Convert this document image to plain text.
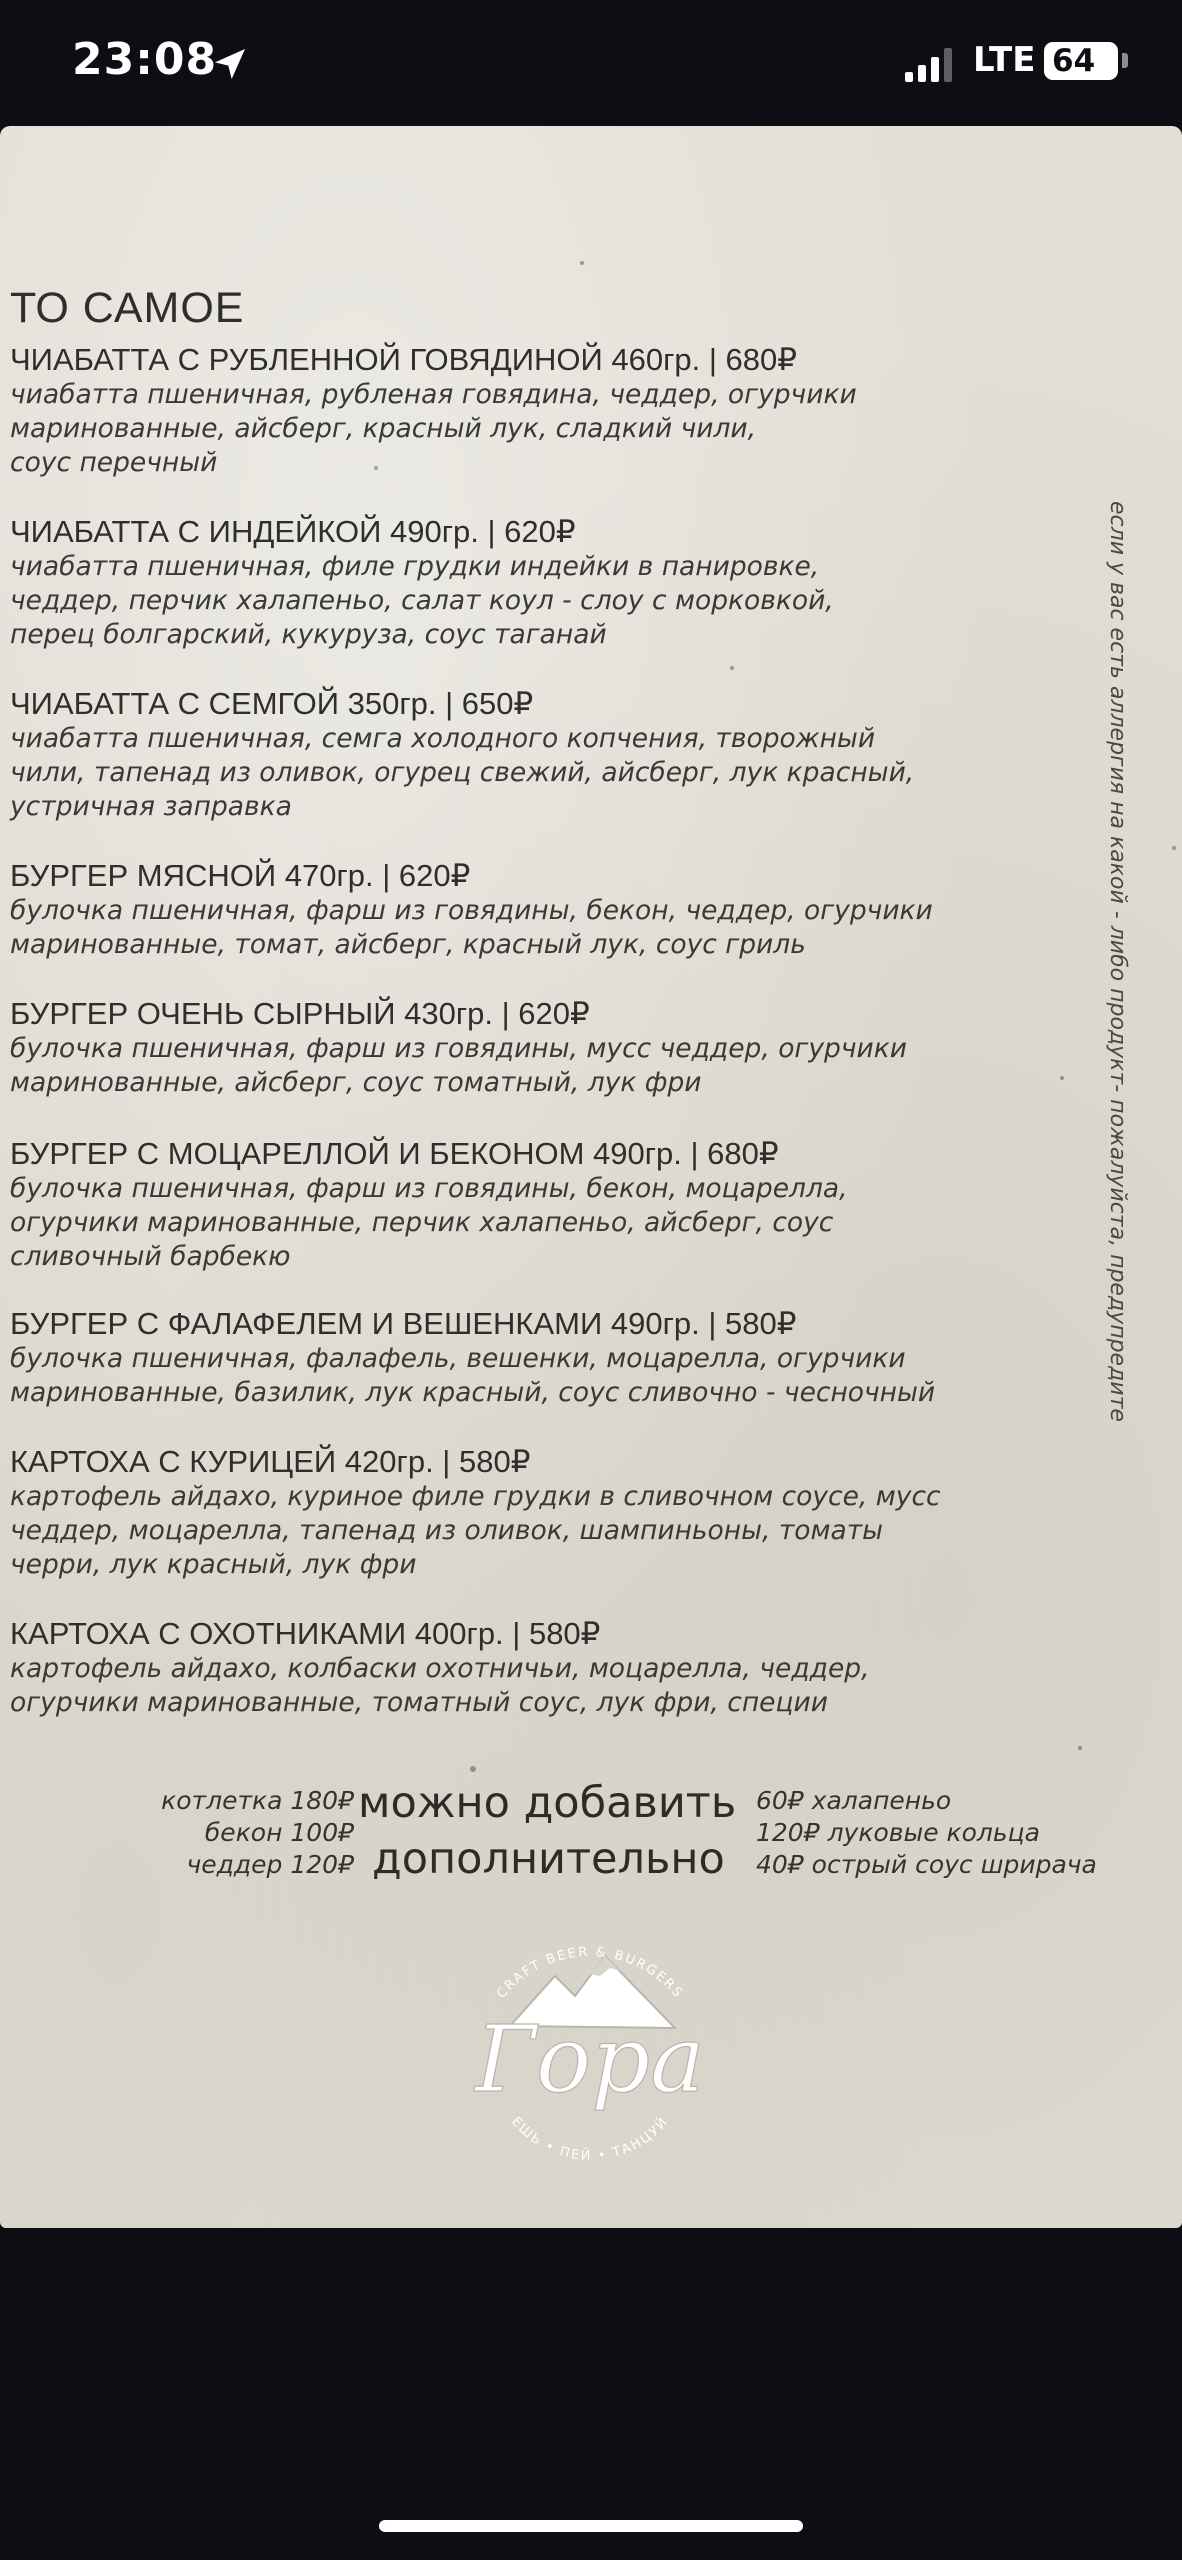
23:08	LTE 64
ТО САМОЕ
ЧИАБАТТА С РУБЛЕННОЙ ГОВЯДИНОЙ 460гр. | 680₽
чиабатта пшеничная, рубленая говядина, чеддер, огурчики
маринованные, айсберг, красный лук, сладкий чили,
соус перечный
ЧИАБАТТА С ИНДЕЙКОЙ 490гр. | 620₽
чиабатта пшеничная, филе грудки индейки в панировке,
чеддер, перчик халапеньо, салат коул - слоу с морковкой,
перец болгарский, кукуруза, соус таганай
ЧИАБАТТА С СЕМГОЙ 350гр. | 650₽
чиабатта пшеничная, семга холодного копчения, творожный
чили, тапенад из оливок, огурец свежий, айсберг, лук красный,
устричная заправка
БУРГЕР МЯСНОЙ 470гр. | 620₽
булочка пшеничная, фарш из говядины, бекон, чеддер, огурчики
маринованные, томат, айсберг, красный лук, соус гриль
БУРГЕР ОЧЕНЬ СЫРНЫЙ 430гр. | 620₽
булочка пшеничная, фарш из говядины, мусс чеддер, огурчики
маринованные, айсберг, соус томатный, лук фри
БУРГЕР С МОЦАРЕЛЛОЙ И БЕКОНОМ 490гр. | 680₽
булочка пшеничная, фарш из говядины, бекон, моцарелла,
огурчики маринованные, перчик халапеньо, айсберг, соус
сливочный барбекю
БУРГЕР С ФАЛАФЕЛЕМ И ВЕШЕНКАМИ 490гр. | 580₽
булочка пшеничная, фалафель, вешенки, моцарелла, огурчики
маринованные, базилик, лук красный, соус сливочно - чесночный
КАРТОХА С КУРИЦЕЙ 420гр. | 580₽
картофель айдахо, куриное филе грудки в сливочном соусе, мусс
чеддер, моцарелла, тапенад из оливок, шампиньоны, томаты
черри, лук красный, лук фри
КАРТОХА С ОХОТНИКАМИ 400гр. | 580₽
картофель айдахо, колбаски охотничьи, моцарелла, чеддер,
огурчики маринованные, томатный соус, лук фри, специи
если у вас есть аллергия на какой - либо продукт- пожалуйста, предупредите
котлетка 180₽
бекон 100₽
чеддер 120₽
можно добавить
дополнительно
60₽ халапеньо
120₽ луковые кольца
40₽ острый соус шрирача
CRAFT BEER & BURGERS
Гора
ЕШЬ • ПЕЙ • ТАНЦУЙ
